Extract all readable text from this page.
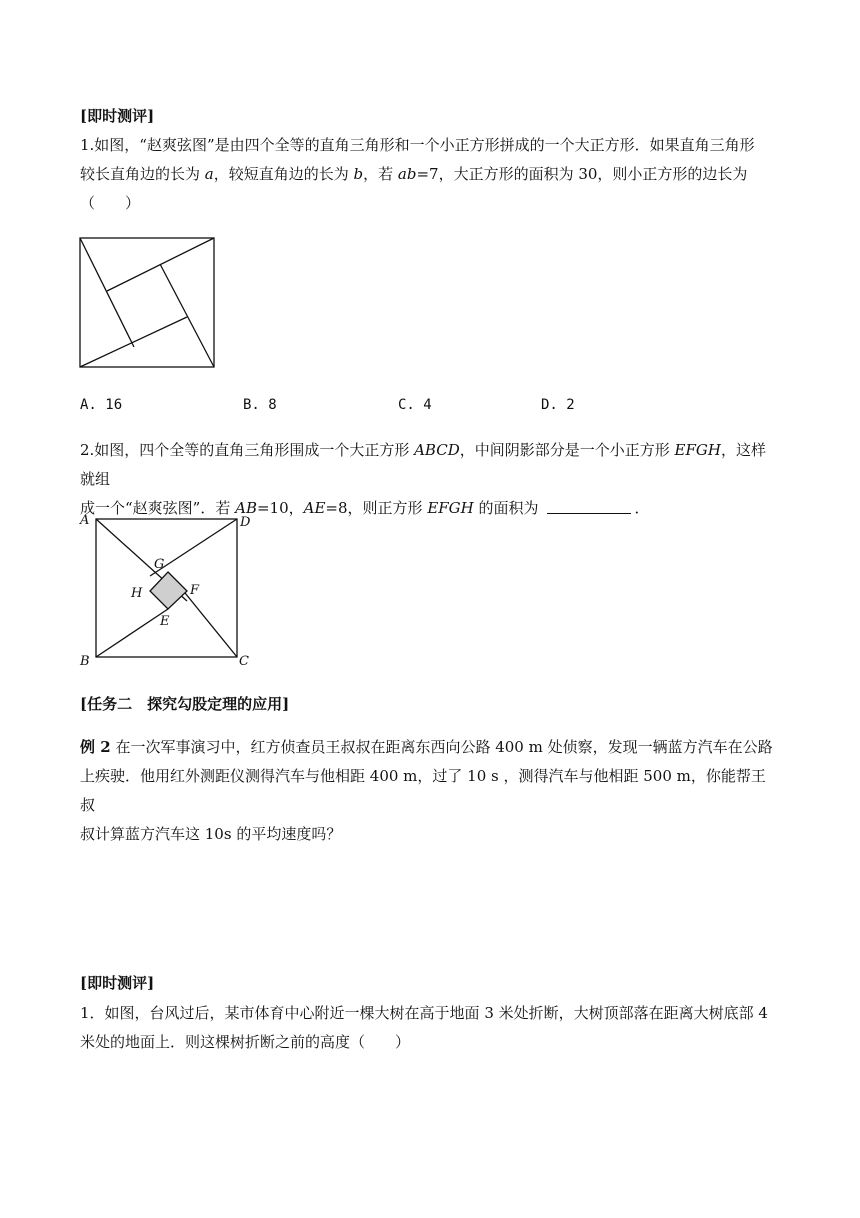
[即时测评]
1.如图，“赵爽弦图”是由四个全等的直角三角形和一个小正方形拼成的一个大正方形．如果直角三角形
较长直角边的长为 a，较短直角边的长为 b，若 ab=7，大正方形的面积为 30，则小正方形的边长为
（　　）
A. 16	B. 8	C. 4	D. 2
2.如图，四个全等的直角三角形围成一个大正方形 ABCD，中间阴影部分是一个小正方形 EFGH，这样就组
成一个“赵爽弦图”．若 AB=10，AE=8，则正方形 EFGH 的面积为	．
A	D
B	C
G
H	F
E
[任务二　探究勾股定理的应用]
例 2 在一次军事演习中，红方侦查员王叔叔在距离东西向公路 400 m 处侦察，发现一辆蓝方汽车在公路
上疾驶．他用红外测距仪测得汽车与他相距 400 m，过了 10 s ，测得汽车与他相距 500 m，你能帮王叔
叔计算蓝方汽车这 10s 的平均速度吗？
[即时测评]
1．如图，台风过后，某市体育中心附近一棵大树在高于地面 3 米处折断，大树顶部落在距离大树底部 4
米处的地面上．则这棵树折断之前的高度（　　）
